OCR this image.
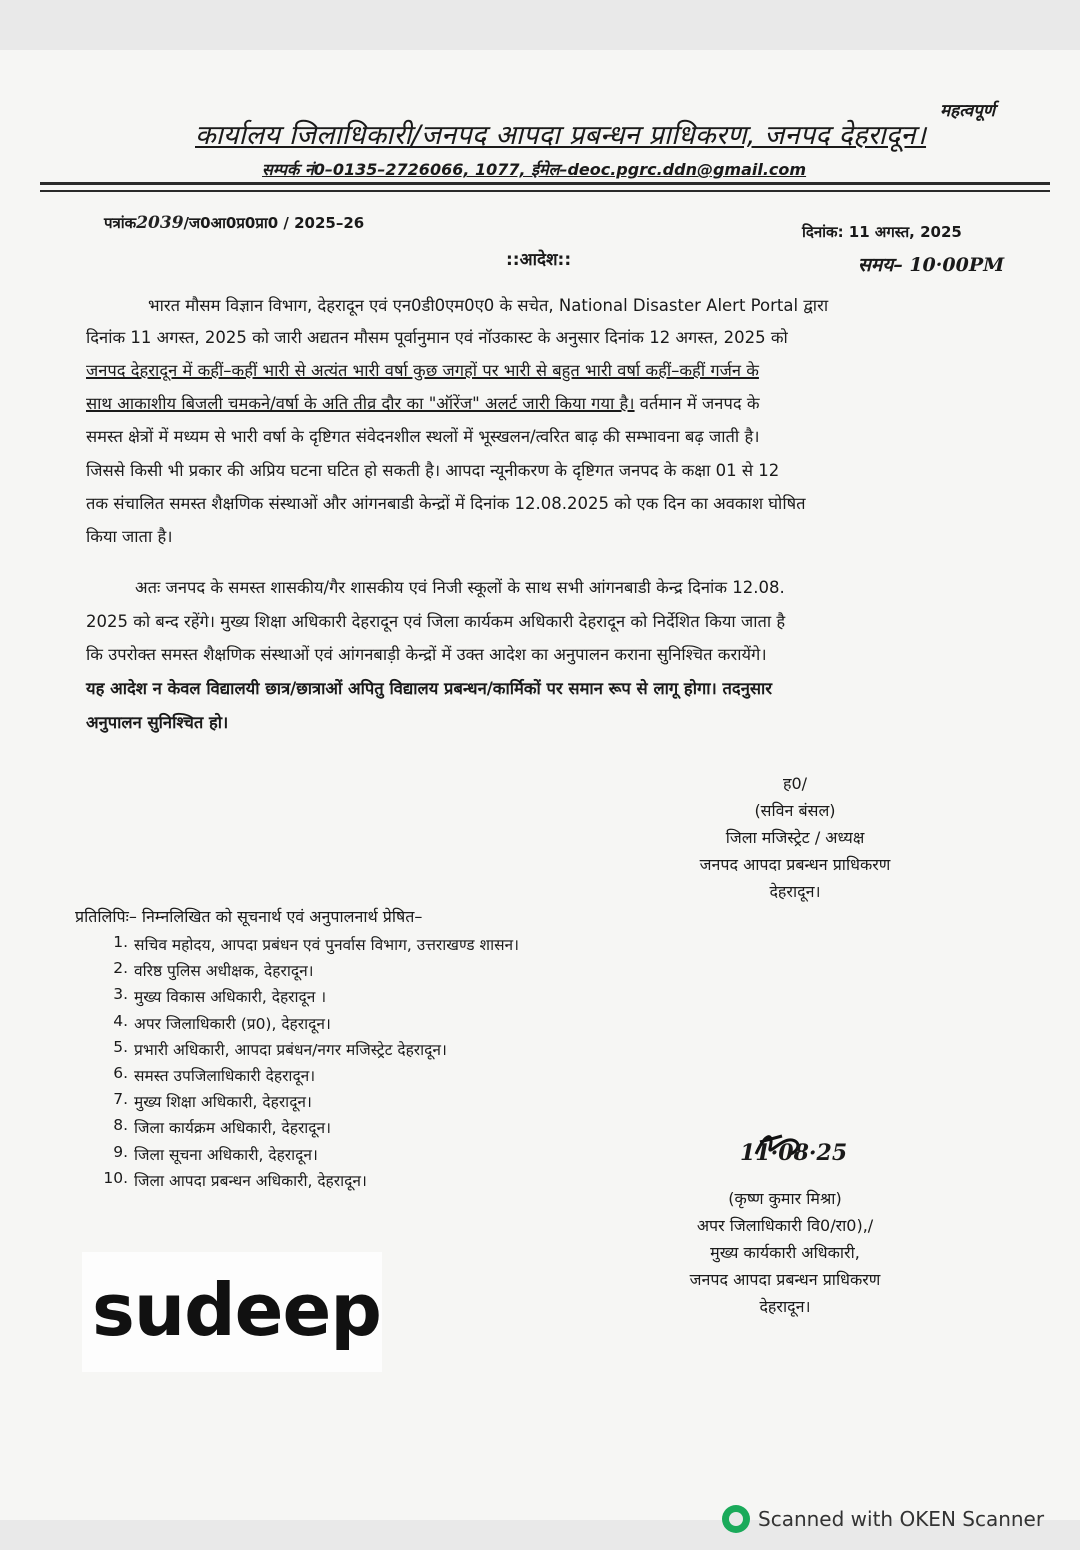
महत्वपूर्ण
कार्यालय जिलाधिकारी/जनपद आपदा प्रबन्धन प्राधिकरण, जनपद देहरादून।
सम्पर्क नं0–0135–2726066, 1077, ईमेल–deoc.pgrc.ddn@gmail.com
पत्रांक2039/ज0आ0प्र0प्रा0 / 2025–26	दिनांक: 11 अगस्त, 2025
::आदेश::	समय– 10·00PM
भारत मौसम विज्ञान विभाग, देहरादून एवं एन0डी0एम0ए0 के सचेत, National Disaster Alert Portal द्वारा
दिनांक 11 अगस्त, 2025 को जारी अद्यतन मौसम पूर्वानुमान एवं नॉउकास्ट के अनुसार दिनांक 12 अगस्त, 2025 को
जनपद देहरादून में कहीं–कहीं भारी से अत्यंत भारी वर्षा कुछ जगहों पर भारी से बहुत भारी वर्षा कहीं–कहीं गर्जन के
साथ आकाशीय बिजली चमकने/वर्षा के अति तीव्र दौर का "ऑरेंज" अलर्ट जारी किया गया है। वर्तमान में जनपद के
समस्त क्षेत्रों में मध्यम से भारी वर्षा के दृष्टिगत संवेदनशील स्थलों में भूस्खलन/त्वरित बाढ़ की सम्भावना बढ़ जाती है।
जिससे किसी भी प्रकार की अप्रिय घटना घटित हो सकती है। आपदा न्यूनीकरण के दृष्टिगत जनपद के कक्षा 01 से 12
तक संचालित समस्त शैक्षणिक संस्थाओं और आंगनबाडी केन्द्रों में दिनांक 12.08.2025 को एक दिन का अवकाश घोषित
किया जाता है।
अतः जनपद के समस्त शासकीय/गैर शासकीय एवं निजी स्कूलों के साथ सभी आंगनबाडी केन्द्र दिनांक 12.08.
2025 को बन्द रहेंगे। मुख्य शिक्षा अधिकारी देहरादून एवं जिला कार्यकम अधिकारी देहरादून को निर्देशित किया जाता है
कि उपरोक्त समस्त शैक्षणिक संस्थाओं एवं आंगनबाड़ी केन्द्रों में उक्त आदेश का अनुपालन कराना सुनिश्चित करायेंगे।
यह आदेश न केवल विद्यालयी छात्र/छात्राओं अपितु विद्यालय प्रबन्धन/कार्मिकों पर समान रूप से लागू होगा। तदनुसार
अनुपालन सुनिश्चित हो।
ह0/
(सविन बंसल)
जिला मजिस्ट्रेट / अध्यक्ष
जनपद आपदा प्रबन्धन प्राधिकरण
देहरादून।
प्रतिलिपिः– निम्नलिखित को सूचनार्थ एवं अनुपालनार्थ प्रेषित–
1. सचिव महोदय, आपदा प्रबंधन एवं पुनर्वास विभाग, उत्तराखण्ड शासन।
2. वरिष्ठ पुलिस अधीक्षक, देहरादून।
3. मुख्य विकास अधिकारी, देहरादून ।
4. अपर जिलाधिकारी (प्र0), देहरादून।
5. प्रभारी अधिकारी, आपदा प्रबंधन/नगर मजिस्ट्रेट देहरादून।
6. समस्त उपजिलाधिकारी देहरादून।
7. मुख्य शिक्षा अधिकारी, देहरादून।
8. जिला कार्यक्रम अधिकारी, देहरादून।
9. जिला सूचना अधिकारी, देहरादून।
10. जिला आपदा प्रबन्धन अधिकारी, देहरादून।
11·08·25
(कृष्ण कुमार मिश्रा)
अपर जिलाधिकारी वि0/रा0),/
मुख्य कार्यकारी अधिकारी,
जनपद आपदा प्रबन्धन प्राधिकरण
देहरादून।
sudeep
Scanned with OKEN Scanner
